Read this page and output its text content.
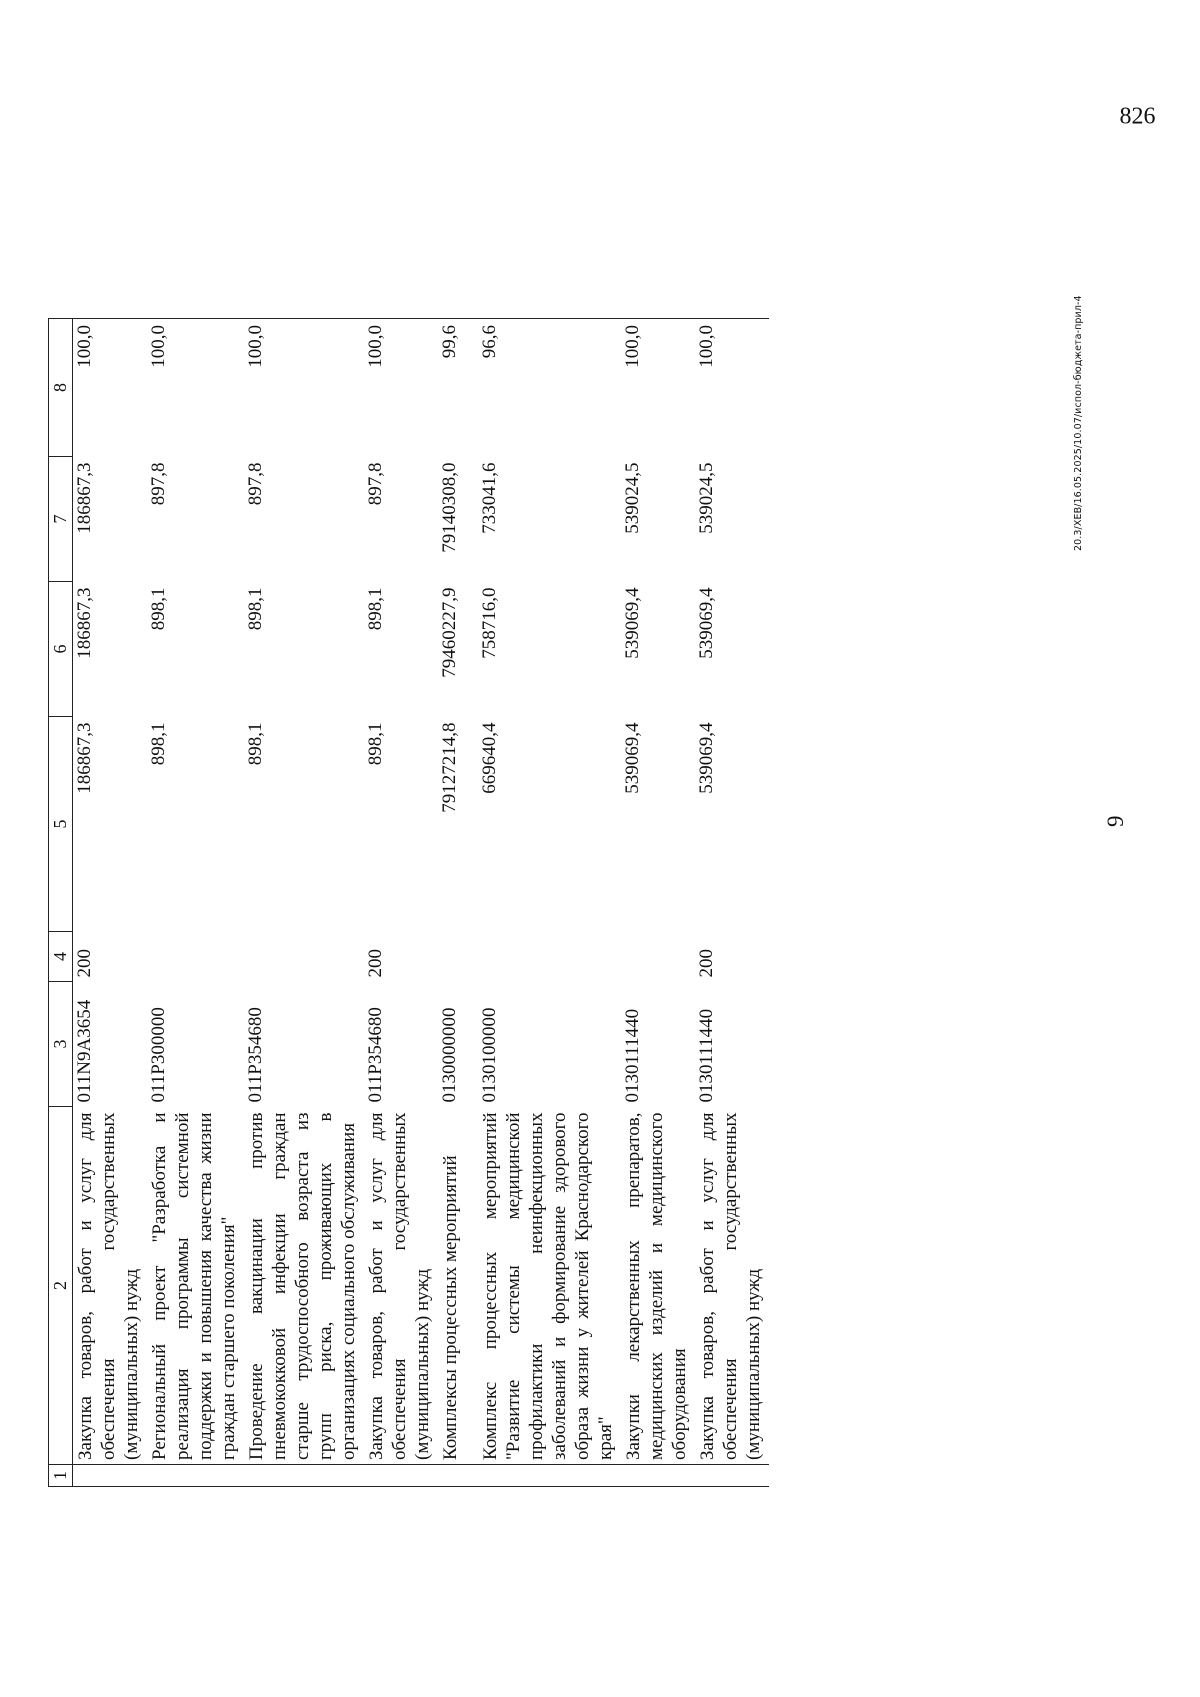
9
1	2	3	4	5	6	7	8
	Закупка товаров, работ и услуг для обеспечения государственных (муниципальных) нужд	011N9A3654	200	186867,3	186867,3	186867,3	100,0
	Региональный проект "Разработка и реализация программы системной поддержки и повышения качества жизни граждан старшего поколения"	011Р300000		898,1	898,1	897,8	100,0
	Проведение вакцинации против пневмококковой инфекции граждан старше трудоспособного возраста из групп риска, проживающих в организациях социального обслуживания	011Р354680		898,1	898,1	897,8	100,0
	Закупка товаров, работ и услуг для обеспечения государственных (муниципальных) нужд	011Р354680	200	898,1	898,1	897,8	100,0
	Комплексы процессных мероприятий	0130000000		79127214,8	79460227,9	79140308,0	99,6
	Комплекс процессных мероприятий "Развитие системы медицинской профилактики неинфекционных заболеваний и формирование здорового образа жизни у жителей Краснодарского края"	0130100000		669640,4	758716,0	733041,6	96,6
	Закупки лекарственных препаратов, медицинских изделий и медицинского оборудования	0130111440		539069,4	539069,4	539024,5	100,0
	Закупка товаров, работ и услуг для обеспечения государственных (муниципальных) нужд	0130111440	200	539069,4	539069,4	539024,5	100,0	20.3/XEB/16.05.2025/10.07/испол-бюджета-прил-4
826
